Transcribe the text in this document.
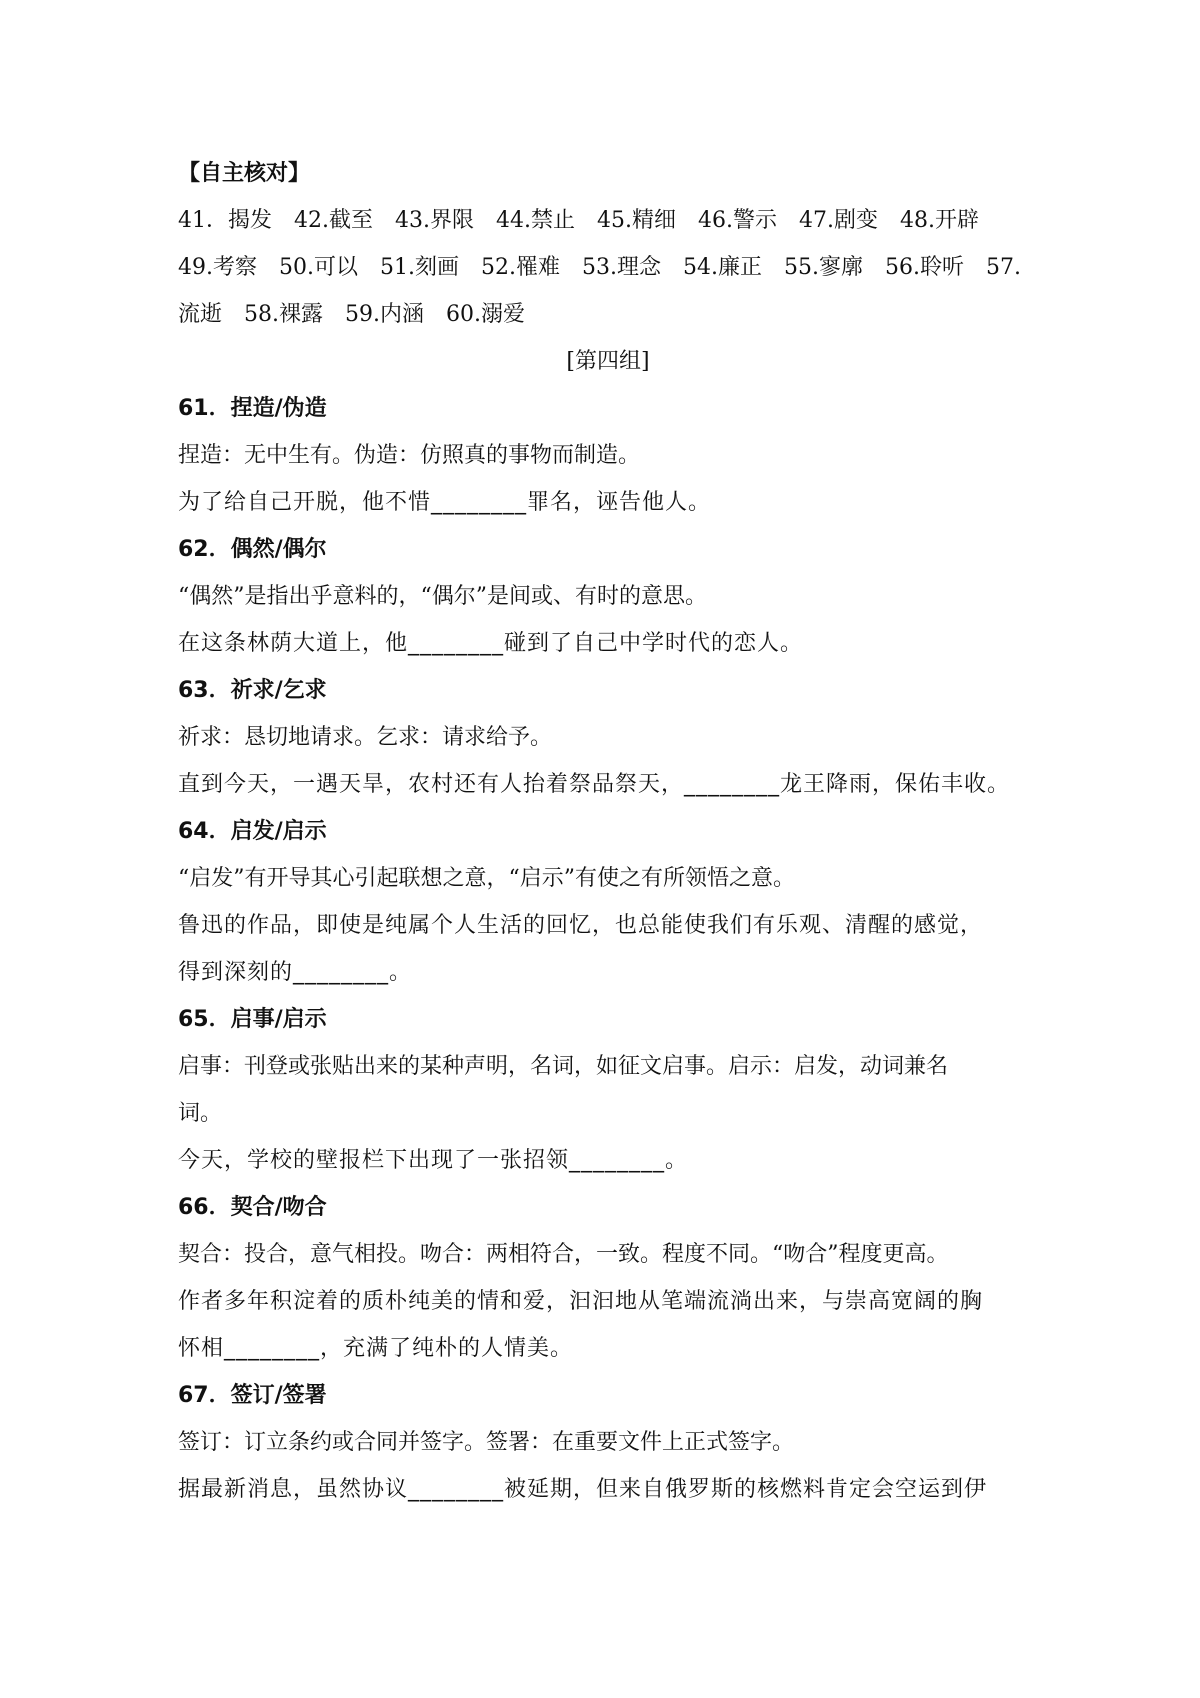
【自主核对】
41．揭发 42.截至 43.界限 44.禁止 45.精细 46.警示 47.剧变 48.开辟
49.考察 50.可以 51.刻画 52.罹难 53.理念 54.廉正 55.寥廓 56.聆听 57.
流逝 58.裸露 59.内涵 60.溺爱
[第四组]
61．捏造/伪造
捏造：无中生有。伪造：仿照真的事物而制造。
为了给自己开脱，他不惜________罪名，诬告他人。
62．偶然/偶尔
“偶然”是指出乎意料的，“偶尔”是间或、有时的意思。
在这条林荫大道上，他________碰到了自己中学时代的恋人。
63．祈求/乞求
祈求：恳切地请求。乞求：请求给予。
直到今天，一遇天旱，农村还有人抬着祭品祭天，________龙王降雨，保佑丰收。
64．启发/启示
“启发”有开导其心引起联想之意，“启示”有使之有所领悟之意。
鲁迅的作品，即使是纯属个人生活的回忆，也总能使我们有乐观、清醒的感觉，
得到深刻的________。
65．启事/启示
启事：刊登或张贴出来的某种声明，名词，如征文启事。启示：启发，动词兼名
词。
今天，学校的壁报栏下出现了一张招领________。
66．契合/吻合
契合：投合，意气相投。吻合：两相符合，一致。程度不同。“吻合”程度更高。
作者多年积淀着的质朴纯美的情和爱，汩汩地从笔端流淌出来，与崇高宽阔的胸
怀相________，充满了纯朴的人情美。
67．签订/签署
签订：订立条约或合同并签字。签署：在重要文件上正式签字。
据最新消息，虽然协议________被延期，但来自俄罗斯的核燃料肯定会空运到伊
